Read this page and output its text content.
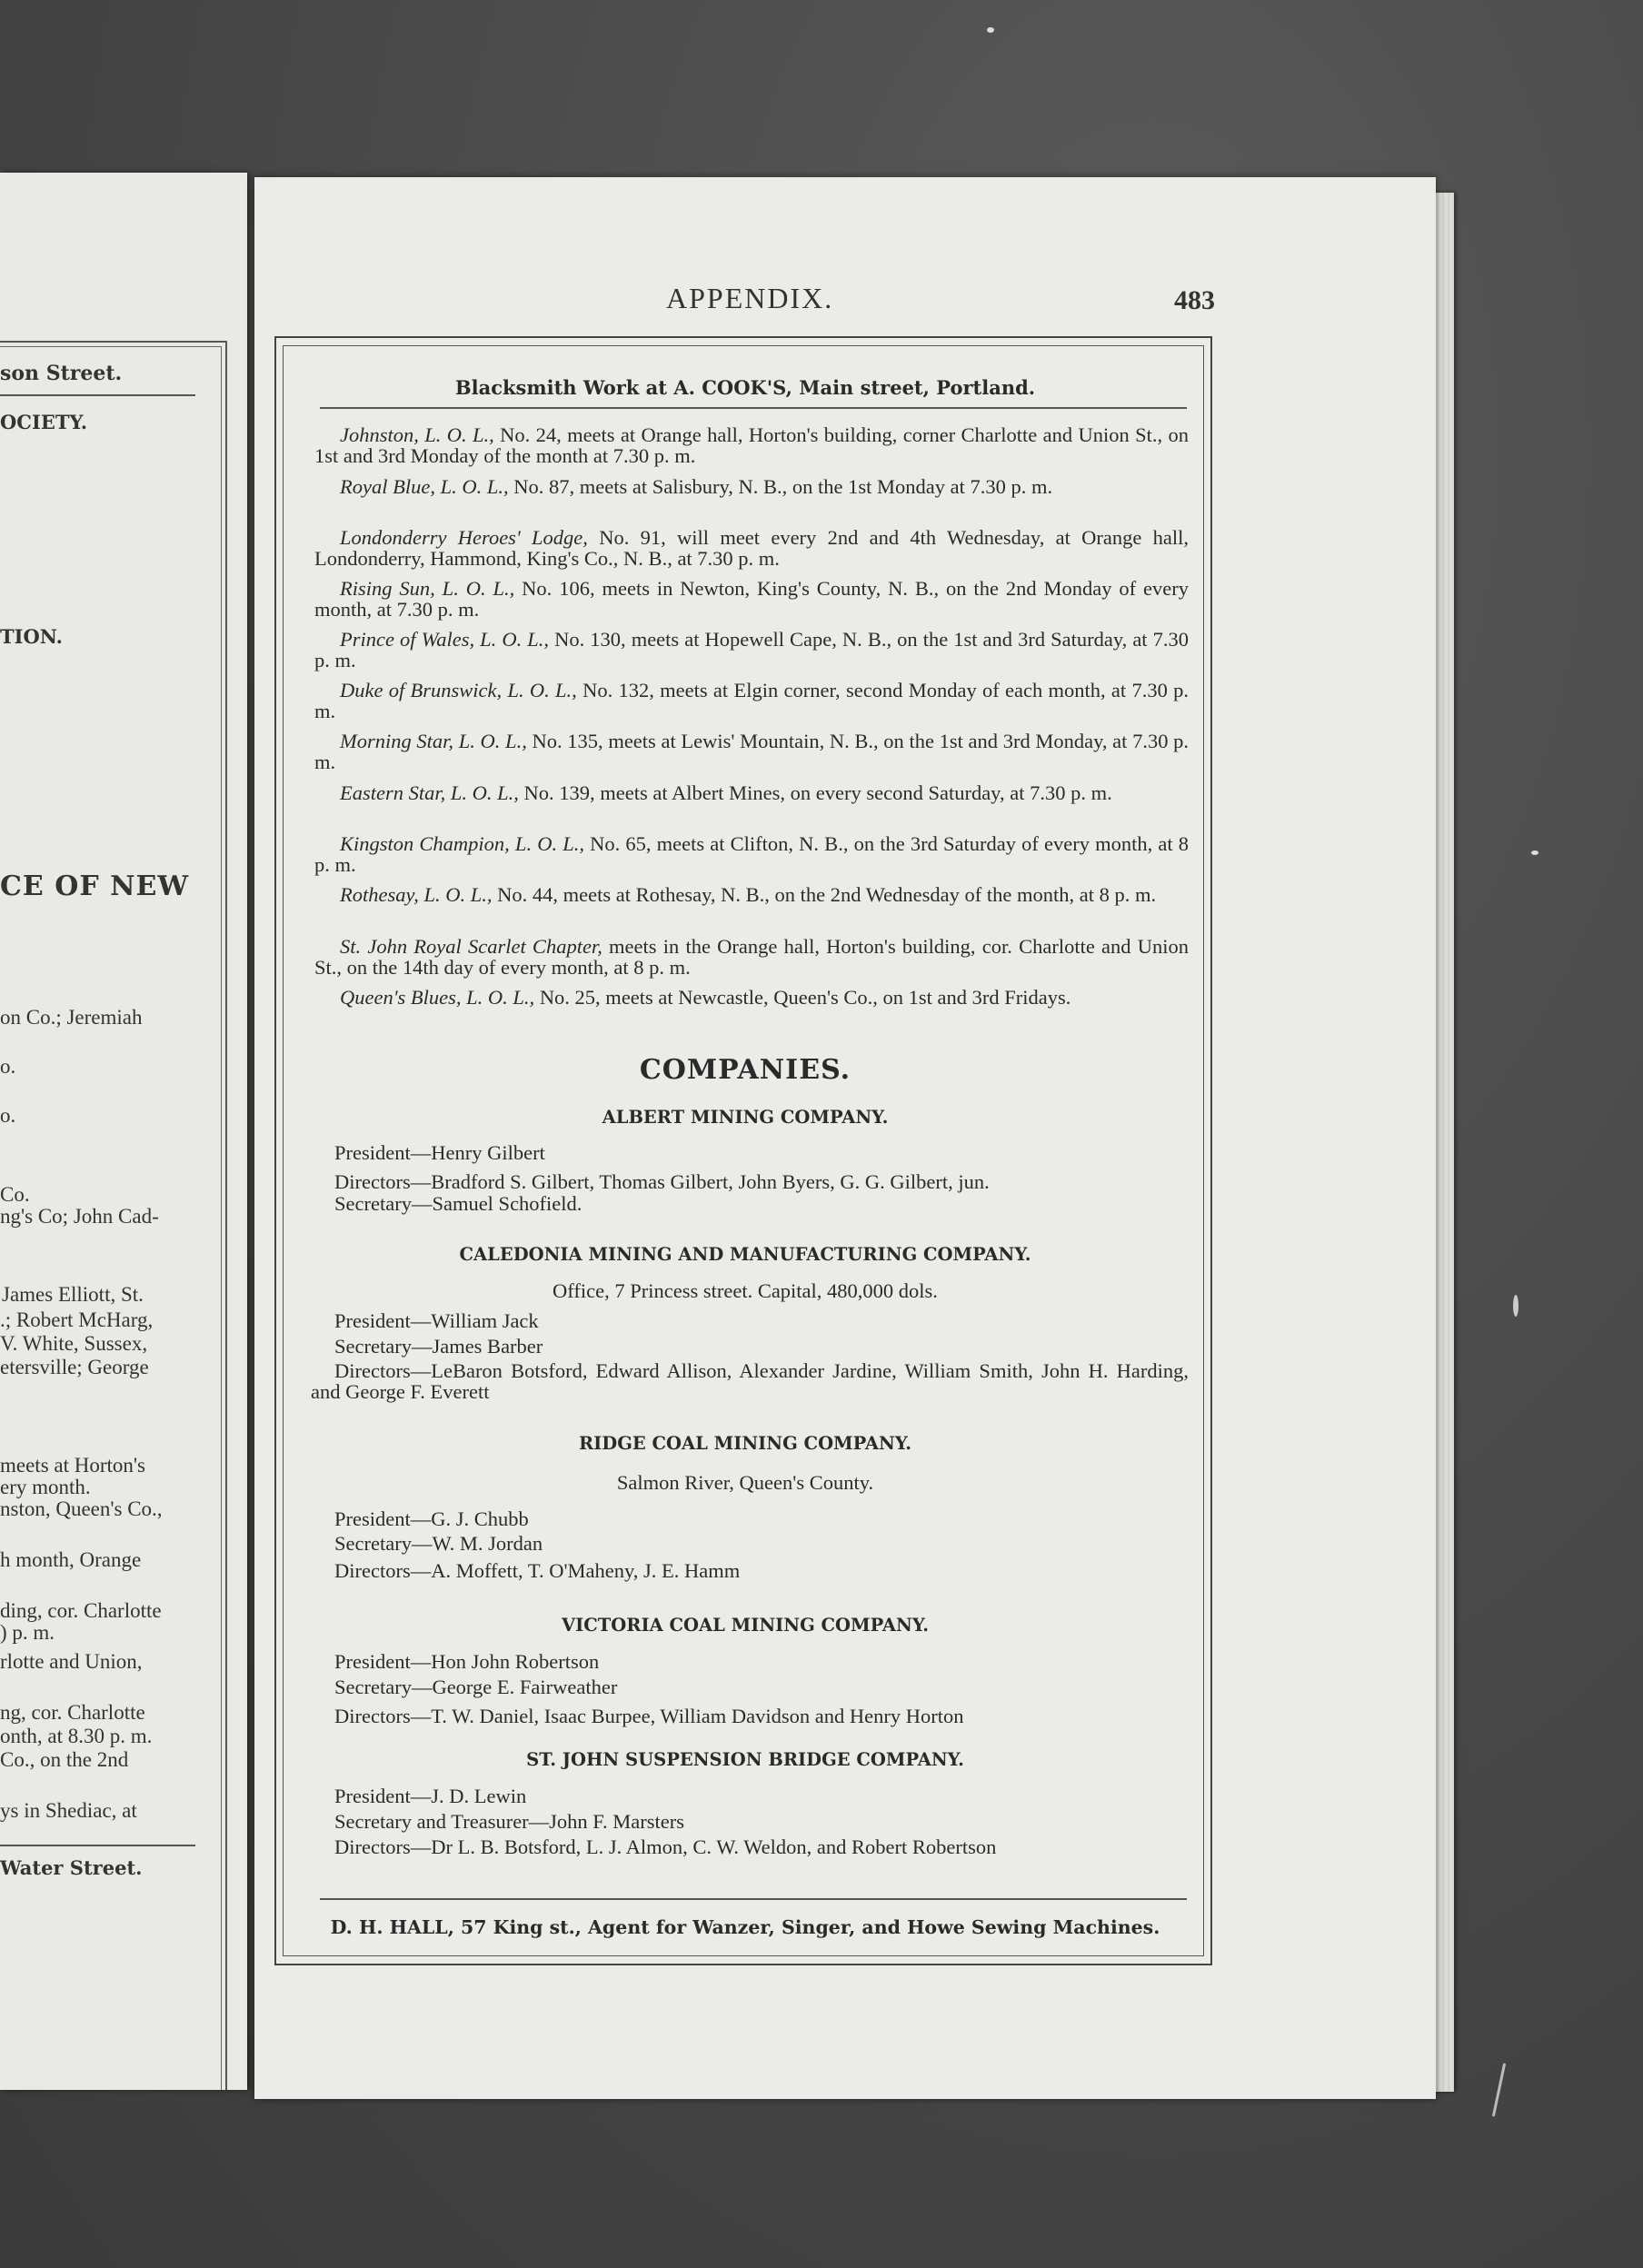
son Street.
OCIETY.
TION.
CE OF NEW
on Co.; Jeremiah
o.
o.
Co.
ng's Co; John Cad-
James Elliott, St.
.; Robert McHarg,
V. White, Sussex,
etersville; George
meets at Horton's
ery month.
nston, Queen's Co.,
h month, Orange
ding, cor. Charlotte
) p. m.
rlotte and Union,
ng, cor. Charlotte
onth, at 8.30 p. m.
Co., on the 2nd
ys in Shediac, at
Water Street.
APPENDIX.	483
Blacksmith Work at A. COOK'S, Main street, Portland.
Johnston, L. O. L., No. 24, meets at Orange hall, Horton's building, corner Charlotte and Union St., on 1st and 3rd Monday of the month at 7.30 p. m.
Royal Blue, L. O. L., No. 87, meets at Salisbury, N. B., on the 1st Monday at 7.30 p. m.
Londonderry Heroes' Lodge, No. 91, will meet every 2nd and 4th Wednesday, at Orange hall, Londonderry, Hammond, King's Co., N. B., at 7.30 p. m.
Rising Sun, L. O. L., No. 106, meets in Newton, King's County, N. B., on the 2nd Monday of every month, at 7.30 p. m.
Prince of Wales, L. O. L., No. 130, meets at Hopewell Cape, N. B., on the 1st and 3rd Saturday, at 7.30 p. m.
Duke of Brunswick, L. O. L., No. 132, meets at Elgin corner, second Monday of each month, at 7.30 p. m.
Morning Star, L. O. L., No. 135, meets at Lewis' Mountain, N. B., on the 1st and 3rd Monday, at 7.30 p. m.
Eastern Star, L. O. L., No. 139, meets at Albert Mines, on every second Saturday, at 7.30 p. m.
Kingston Champion, L. O. L., No. 65, meets at Clifton, N. B., on the 3rd Saturday of every month, at 8 p. m.
Rothesay, L. O. L., No. 44, meets at Rothesay, N. B., on the 2nd Wednesday of the month, at 8 p. m.
St. John Royal Scarlet Chapter, meets in the Orange hall, Horton's building, cor. Charlotte and Union St., on the 14th day of every month, at 8 p. m.
Queen's Blues, L. O. L., No. 25, meets at Newcastle, Queen's Co., on 1st and 3rd Fridays.
COMPANIES.
ALBERT MINING COMPANY.
President—Henry Gilbert
Directors—Bradford S. Gilbert, Thomas Gilbert, John Byers, G. G. Gilbert, jun.
Secretary—Samuel Schofield.
CALEDONIA MINING AND MANUFACTURING COMPANY.
Office, 7 Princess street. Capital, 480,000 dols.
President—William Jack
Secretary—James Barber
Directors—LeBaron Botsford, Edward Allison, Alexander Jardine, William Smith, John H. Harding, and George F. Everett
RIDGE COAL MINING COMPANY.
Salmon River, Queen's County.
President—G. J. Chubb
Secretary—W. M. Jordan
Directors—A. Moffett, T. O'Maheny, J. E. Hamm
VICTORIA COAL MINING COMPANY.
President—Hon John Robertson
Secretary—George E. Fairweather
Directors—T. W. Daniel, Isaac Burpee, William Davidson and Henry Horton
ST. JOHN SUSPENSION BRIDGE COMPANY.
President—J. D. Lewin
Secretary and Treasurer—John F. Marsters
Directors—Dr L. B. Botsford, L. J. Almon, C. W. Weldon, and Robert Robertson
D. H. HALL, 57 King st., Agent for Wanzer, Singer, and Howe Sewing Machines.
